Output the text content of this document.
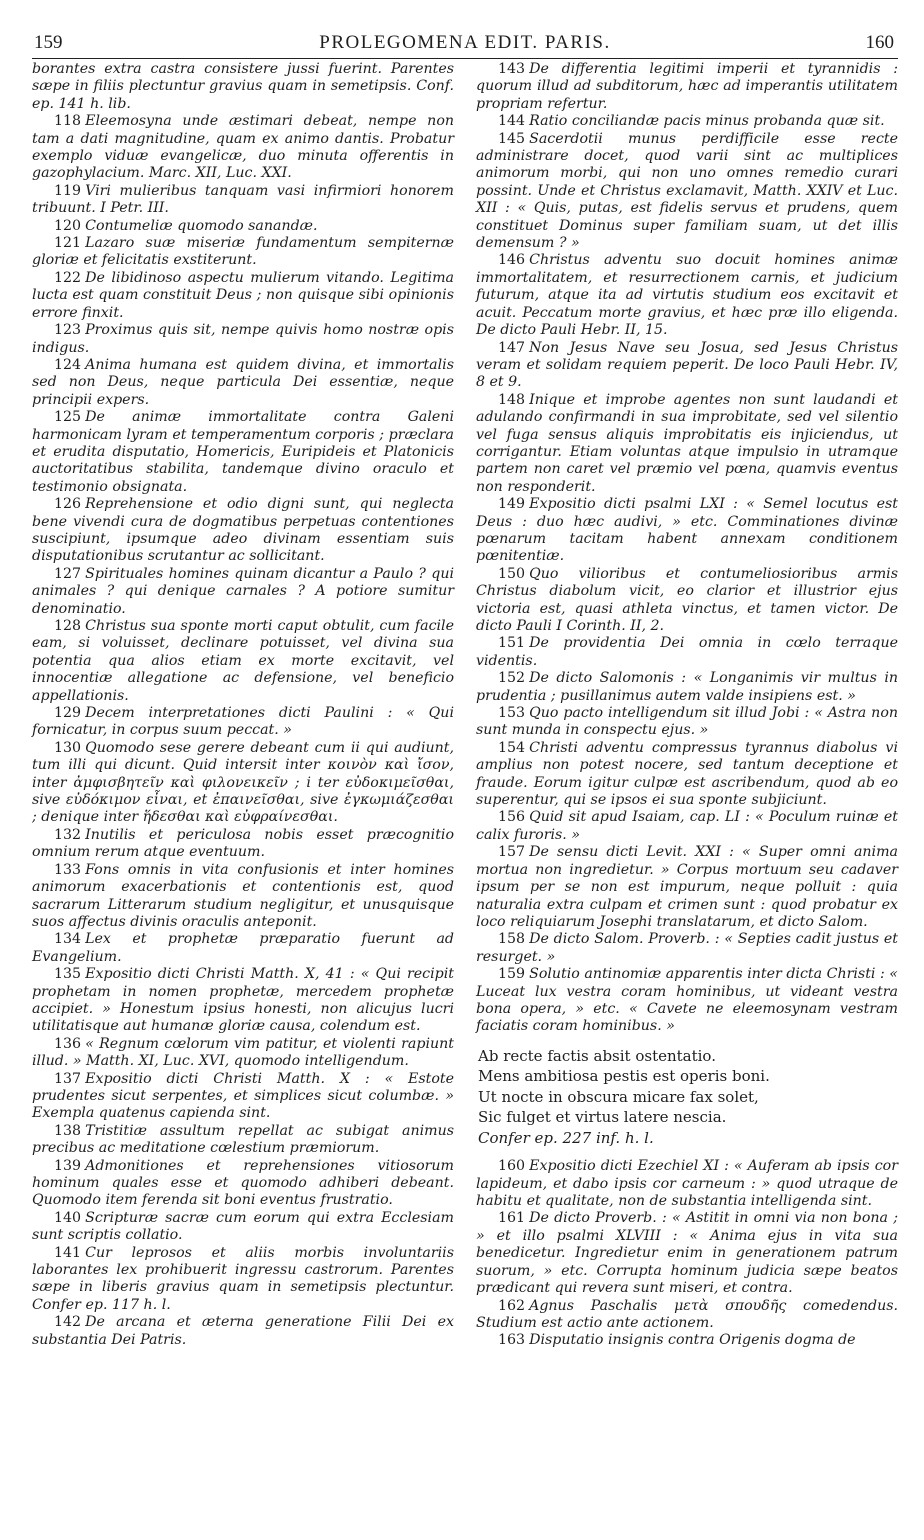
159	PROLEGOMENA EDIT. PARIS.	160

borantes extra castra consistere jussi fuerint. Parentes sæpe in filiis plectuntur gravius quam in semetipsis. Conf. ep. 141 h. lib.

118 Eleemosyna unde æstimari debeat, nempe non tam a dati magnitudine, quam ex animo dantis. Probatur exemplo viduæ evangelicæ, duo minuta offerentis in gazophylacium. Marc. XII, Luc. XXI.

119 Viri mulieribus tanquam vasi infirmiori honorem tribuunt. I Petr. III.

120 Contumeliæ quomodo sanandæ.

121 Lazaro suæ miseriæ fundamentum sempiternæ gloriæ et felicitatis exstiterunt.

122 De libidinoso aspectu mulierum vitando. Legitima lucta est quam constituit Deus ; non quisque sibi opinionis errore finxit.

123 Proximus quis sit, nempe quivis homo nostræ opis indigus.

124 Anima humana est quidem divina, et immortalis sed non Deus, neque particula Dei essentiæ, neque principii expers.

125 De animæ immortalitate contra Galeni harmonicam lyram et temperamentum corporis ; præclara et erudita disputatio, Homericis, Euripideis et Platonicis auctoritatibus stabilita, tandemque divino oraculo et testimonio obsignata.

126 Reprehensione et odio digni sunt, qui neglecta bene vivendi cura de dogmatibus perpetuas contentiones suscipiunt, ipsumque adeo divinam essentiam suis disputationibus scrutantur ac sollicitant.

127 Spirituales homines quinam dicantur a Paulo ? qui animales ? qui denique carnales ? A potiore sumitur denominatio.

128 Christus sua sponte morti caput obtulit, cum facile eam, si voluisset, declinare potuisset, vel divina sua potentia qua alios etiam ex morte excitavit, vel innocentiæ allegatione ac defensione, vel beneficio appellationis.

129 Decem interpretationes dicti Paulini : « Qui fornicatur, in corpus suum peccat. »

130 Quomodo sese gerere debeant cum ii qui audiunt, tum illi qui dicunt. Quid intersit inter κοινὸν καὶ ἴσον, inter ἀμφισβητεῖν καὶ φιλονεικεῖν ; i ter εὐδοκιμεῖσθαι, sive εὐδόκιμον εἶναι, et ἐπαινεῖσθαι, sive ἐγκωμιάζεσθαι ; denique inter ἥδεσθαι καὶ εὐφραίνεσθαι.

132 Inutilis et periculosa nobis esset præcognitio omnium rerum atque eventuum.

133 Fons omnis in vita confusionis et inter homines animorum exacerbationis et contentionis est, quod sacrarum Litterarum studium negligitur, et unusquisque suos affectus divinis oraculis anteponit.

134 Lex et prophetæ præparatio fuerunt ad Evangelium.

135 Expositio dicti Christi Matth. X, 41 : « Qui recipit prophetam in nomen prophetæ, mercedem prophetæ accipiet. » Honestum ipsius honesti, non alicujus lucri utilitatisque aut humanæ gloriæ causa, colendum est.

136 « Regnum cœlorum vim patitur, et violenti rapiunt illud. » Matth. XI, Luc. XVI, quomodo intelligendum.

137 Expositio dicti Christi Matth. X : « Estote prudentes sicut serpentes, et simplices sicut columbæ. » Exempla quatenus capienda sint.

138 Tristitiæ assultum repellat ac subigat animus precibus ac meditatione cœlestium præmiorum.

139 Admonitiones et reprehensiones vitiosorum hominum quales esse et quomodo adhiberi debeant. Quomodo item ferenda sit boni eventus frustratio.

140 Scripturæ sacræ cum eorum qui extra Ecclesiam sunt scriptis collatio.

141 Cur leprosos et aliis morbis involuntariis laborantes lex prohibuerit ingressu castrorum. Parentes sæpe in liberis gravius quam in semetipsis plectuntur. Confer ep. 117 h. l.

142 De arcana et æterna generatione Filii Dei ex substantia Dei Patris.

143 De differentia legitimi imperii et tyrannidis : quorum illud ad subditorum, hæc ad imperantis utilitatem propriam refertur.

144 Ratio conciliandæ pacis minus probanda quæ sit.

145 Sacerdotii munus perdifficile esse recte administrare docet, quod varii sint ac multiplices animorum morbi, qui non uno omnes remedio curari possint. Unde et Christus exclamavit, Matth. XXIV et Luc. XII : « Quis, putas, est fidelis servus et prudens, quem constituet Dominus super familiam suam, ut det illis demensum ? »

146 Christus adventu suo docuit homines animæ immortalitatem, et resurrectionem carnis, et judicium futurum, atque ita ad virtutis studium eos excitavit et acuit. Peccatum morte gravius, et hæc præ illo eligenda. De dicto Pauli Hebr. II, 15.

147 Non Jesus Nave seu Josua, sed Jesus Christus veram et solidam requiem peperit. De loco Pauli Hebr. IV, 8 et 9.

148 Inique et improbe agentes non sunt laudandi et adulando confirmandi in sua improbitate, sed vel silentio vel fuga sensus aliquis improbitatis eis injiciendus, ut corrigantur. Etiam voluntas atque impulsio in utramque partem non caret vel præmio vel pœna, quamvis eventus non responderit.

149 Expositio dicti psalmi LXI : « Semel locutus est Deus : duo hæc audivi, » etc. Comminationes divinæ pœnarum tacitam habent annexam conditionem pœnitentiæ.

150 Quo vilioribus et contumeliosioribus armis Christus diabolum vicit, eo clarior et illustrior ejus victoria est, quasi athleta vinctus, et tamen victor. De dicto Pauli I Corinth. II, 2.

151 De providentia Dei omnia in cœlo terraque videntis.

152 De dicto Salomonis : « Longanimis vir multus in prudentia ; pusillanimus autem valde insipiens est. »

153 Quo pacto intelligendum sit illud Jobi : « Astra non sunt munda in conspectu ejus. »

154 Christi adventu compressus tyrannus diabolus vi amplius non potest nocere, sed tantum deceptione et fraude. Eorum igitur culpæ est ascribendum, quod ab eo superentur, qui se ipsos ei sua sponte subjiciunt.

156 Quid sit apud Isaiam, cap. LI : « Poculum ruinæ et calix furoris. »

157 De sensu dicti Levit. XXI : « Super omni anima mortua non ingredietur. » Corpus mortuum seu cadaver ipsum per se non est impurum, neque polluit : quia naturalia extra culpam et crimen sunt : quod probatur ex loco reliquiarum Josephi translatarum, et dicto Salom.

158 De dicto Salom. Proverb. : « Septies cadit justus et resurget. »

159 Solutio antinomiæ apparentis inter dicta Christi : « Luceat lux vestra coram hominibus, ut videant vestra bona opera, » etc. « Cavete ne eleemosynam vestram faciatis coram hominibus. »

Ab recte factis absit ostentatio.
Mens ambitiosa pestis est operis boni.
Ut nocte in obscura micare fax solet,
Sic fulget et virtus latere nescia.
Confer ep. 227 inf. h. l.

160 Expositio dicti Ezechiel XI : « Auferam ab ipsis cor lapideum, et dabo ipsis cor carneum : » quod utraque de habitu et qualitate, non de substantia intelligenda sint.

161 De dicto Proverb. : « Astitit in omni via non bona ; » et illo psalmi XLVIII : « Anima ejus in vita sua benedicetur. Ingredietur enim in generationem patrum suorum, » etc. Corrupta hominum judicia sæpe beatos prædicant qui revera sunt miseri, et contra.

162 Agnus Paschalis μετὰ σπουδῆς comedendus. Studium est actio ante actionem.

163 Disputatio insignis contra Origenis dogma de
